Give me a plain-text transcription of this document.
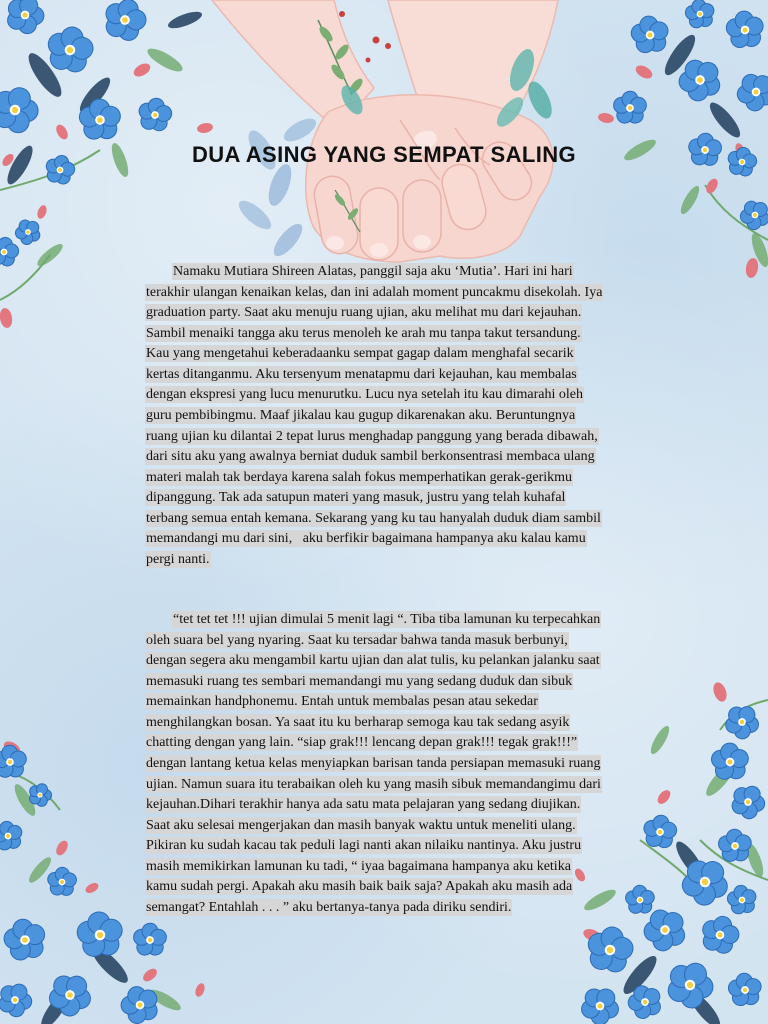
DUA ASING YANG SEMPAT SALING
Namaku Mutiara Shireen Alatas, panggil saja aku ‘Mutia’. Hari ini hari
terakhir ulangan kenaikan kelas, dan ini adalah moment puncakmu disekolah. Iya
graduation party. Saat aku menuju ruang ujian, aku melihat mu dari kejauhan.
Sambil menaiki tangga aku terus menoleh ke arah mu tanpa takut tersandung.
Kau yang mengetahui keberadaanku sempat gagap dalam menghafal secarik
kertas ditanganmu. Aku tersenyum menatapmu dari kejauhan, kau membalas
dengan ekspresi yang lucu menurutku. Lucu nya setelah itu kau dimarahi oleh
guru pembibingmu. Maaf jikalau kau gugup dikarenakan aku. Beruntungnya
ruang ujian ku dilantai 2 tepat lurus menghadap panggung yang berada dibawah,
dari situ aku yang awalnya berniat duduk sambil berkonsentrasi membaca ulang
materi malah tak berdaya karena salah fokus memperhatikan gerak-gerikmu
dipanggung. Tak ada satupun materi yang masuk, justru yang telah kuhafal
terbang semua entah kemana. Sekarang yang ku tau hanyalah duduk diam sambil
memandangi mu dari sini,   aku berfikir bagaimana hampanya aku kalau kamu
pergi nanti.
“tet tet tet !!! ujian dimulai 5 menit lagi “. Tiba tiba lamunan ku terpecahkan
oleh suara bel yang nyaring. Saat ku tersadar bahwa tanda masuk berbunyi,
dengan segera aku mengambil kartu ujian dan alat tulis, ku pelankan jalanku saat
memasuki ruang tes sembari memandangi mu yang sedang duduk dan sibuk
memainkan handphonemu. Entah untuk membalas pesan atau sekedar
menghilangkan bosan. Ya saat itu ku berharap semoga kau tak sedang asyik
chatting dengan yang lain. “siap grak!!! lencang depan grak!!! tegak grak!!!”
dengan lantang ketua kelas menyiapkan barisan tanda persiapan memasuki ruang
ujian. Namun suara itu terabaikan oleh ku yang masih sibuk memandangimu dari
kejauhan.Dihari terakhir hanya ada satu mata pelajaran yang sedang diujikan.
Saat aku selesai mengerjakan dan masih banyak waktu untuk meneliti ulang.
Pikiran ku sudah kacau tak peduli lagi nanti akan nilaiku nantinya. Aku justru
masih memikirkan lamunan ku tadi, “ iyaa bagaimana hampanya aku ketika
kamu sudah pergi. Apakah aku masih baik baik saja? Apakah aku masih ada
semangat? Entahlah . . . ” aku bertanya-tanya pada diriku sendiri.
